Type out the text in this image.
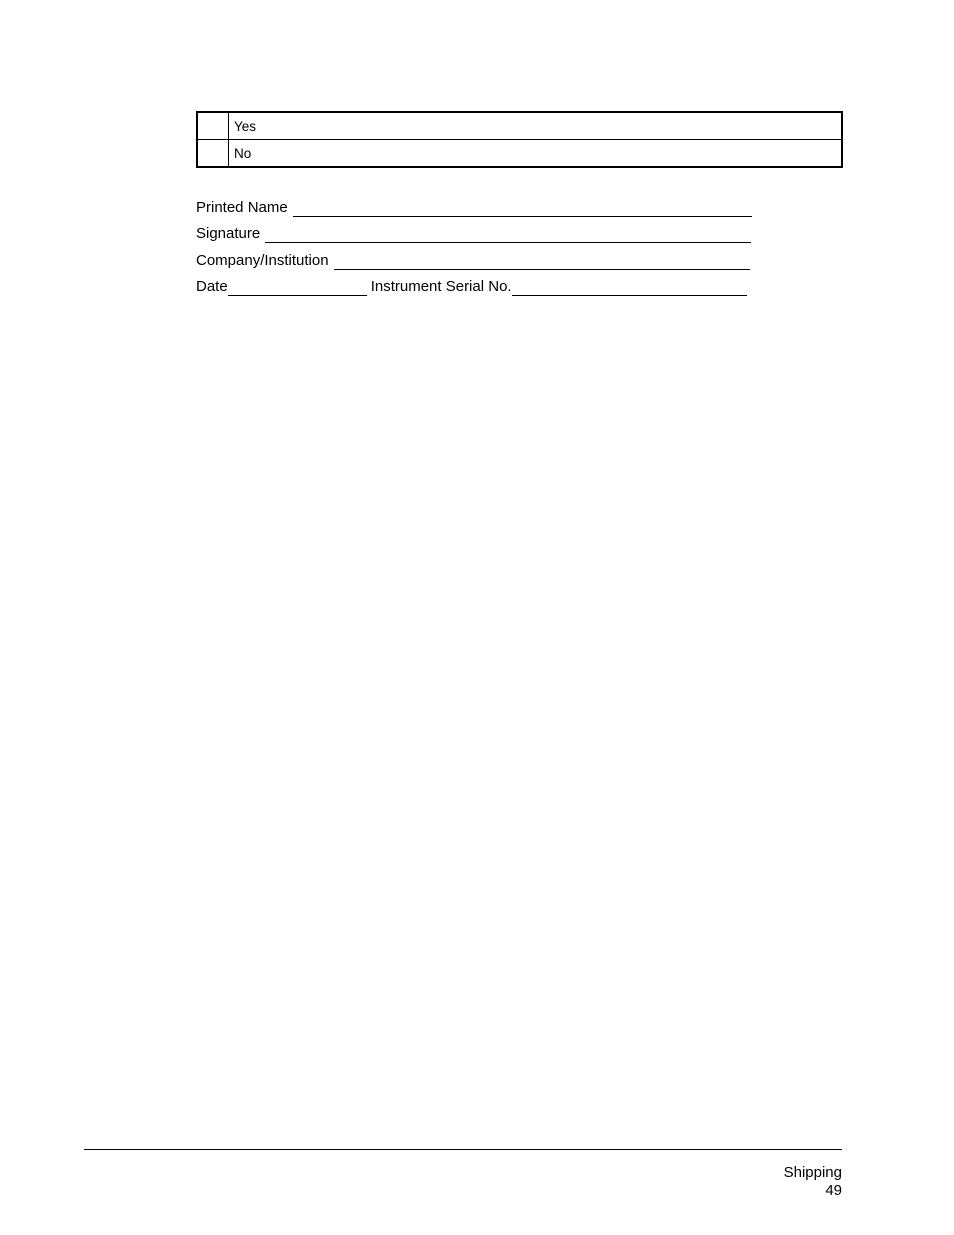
	Yes
	No
Printed Name
Signature
Company/Institution
Date	Instrument Serial No.
Shipping
49
